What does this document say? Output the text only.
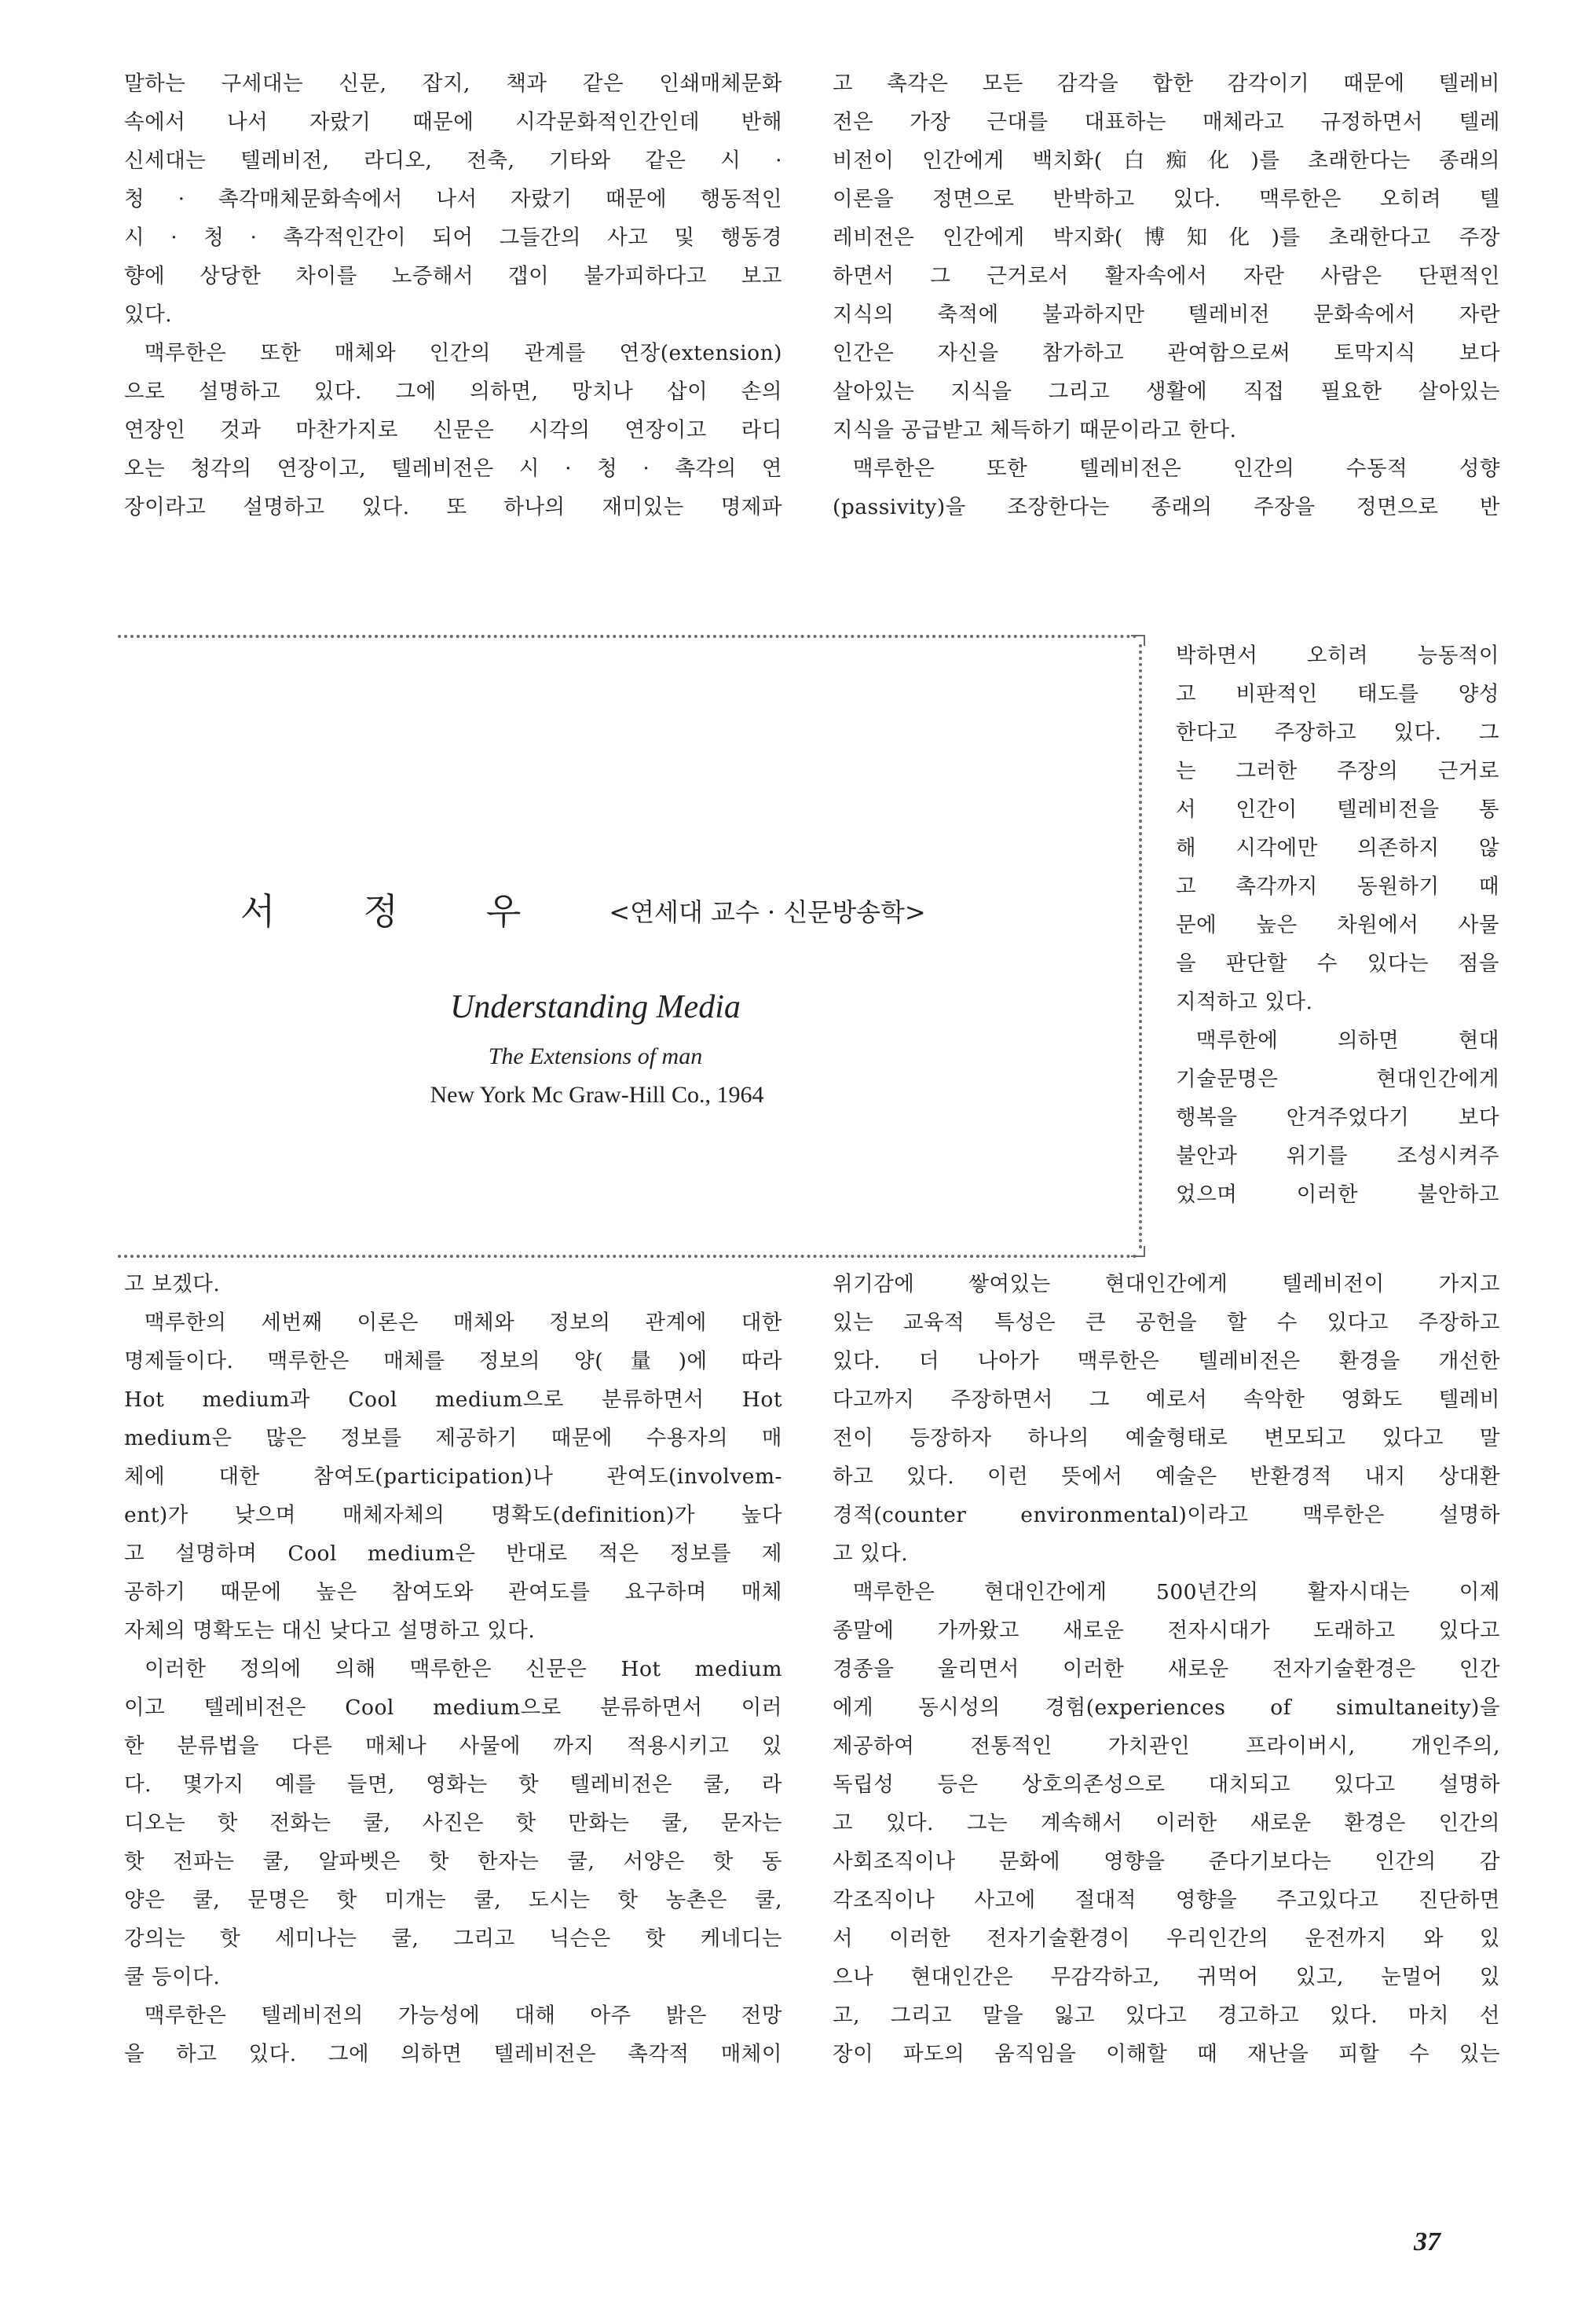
말하는 구세대는 신문, 잡지, 책과 같은 인쇄매체문화

속에서 나서 자랐기 때문에 시각문화적인간인데 반해

신세대는 텔레비전, 라디오, 전축, 기타와 같은 시 ·

청 · 촉각매체문화속에서 나서 자랐기 때문에 행동적인

시 · 청 · 촉각적인간이 되어 그들간의 사고 및 행동경

향에 상당한 차이를 노증해서 갭이 불가피하다고 보고

있다.

맥루한은 또한 매체와 인간의 관계를 연장(extension)

으로 설명하고 있다. 그에 의하면, 망치나 삽이 손의

연장인 것과 마찬가지로 신문은 시각의 연장이고 라디

오는 청각의 연장이고, 텔레비전은 시 · 청 · 촉각의 연

장이라고 설명하고 있다. 또 하나의 재미있는 명제파

고 촉각은 모든 감각을 합한 감각이기 때문에 텔레비

전은 가장 근대를 대표하는 매체라고 규정하면서 텔레

비전이 인간에게 백치화(白痴化)를 초래한다는 종래의

이론을 정면으로 반박하고 있다. 맥루한은 오히려 텔

레비전은 인간에게 박지화(博知化)를 초래한다고 주장

하면서 그 근거로서 활자속에서 자란 사람은 단편적인

지식의 축적에 불과하지만 텔레비전 문화속에서 자란

인간은 자신을 참가하고 관여함으로써 토막지식 보다

살아있는 지식을 그리고 생활에 직접 필요한 살아있는

지식을 공급받고 체득하기 때문이라고 한다.

맥루한은 또한 텔레비전은 인간의 수동적 성향

(passivity)을 조장한다는 종래의 주장을 정면으로 반

박하면서 오히려 능동적이

고 비판적인 태도를 양성

한다고 주장하고 있다. 그

는 그러한 주장의 근거로

서 인간이 텔레비전을 통

해 시각에만 의존하지 않

고 촉각까지 동원하기 때

문에 높은 차원에서 사물

을 판단할 수 있다는 점을

지적하고 있다.

맥루한에 의하면 현대

기술문명은 현대인간에게

행복을 안겨주었다기 보다

불안과 위기를 조성시켜주

었으며 이러한 불안하고

서 정 우	<연세대 교수 · 신문방송학>
Understanding Media
The Extensions of man
New York Mc Graw-Hill Co., 1964

고 보겠다.

맥루한의 세번째 이론은 매체와 정보의 관계에 대한

명제들이다. 맥루한은 매체를 정보의 양(量)에 따라

Hot medium과 Cool medium으로 분류하면서 Hot

medium은 많은 정보를 제공하기 때문에 수용자의 매

체에 대한 참여도(participation)나 관여도(involvem-

ent)가 낮으며 매체자체의 명확도(definition)가 높다

고 설명하며 Cool medium은 반대로 적은 정보를 제

공하기 때문에 높은 참여도와 관여도를 요구하며 매체

자체의 명확도는 대신 낮다고 설명하고 있다.

이러한 정의에 의해 맥루한은 신문은 Hot medium

이고 텔레비전은 Cool medium으로 분류하면서 이러

한 분류법을 다른 매체나 사물에 까지 적용시키고 있

다. 몇가지 예를 들면, 영화는 핫 텔레비전은 쿨, 라

디오는 핫 전화는 쿨, 사진은 핫 만화는 쿨, 문자는

핫 전파는 쿨, 알파벳은 핫 한자는 쿨, 서양은 핫 동

양은 쿨, 문명은 핫 미개는 쿨, 도시는 핫 농촌은 쿨,

강의는 핫 세미나는 쿨, 그리고 닉슨은 핫 케네디는

쿨 등이다.

맥루한은 텔레비전의 가능성에 대해 아주 밝은 전망

을 하고 있다. 그에 의하면 텔레비전은 촉각적 매체이

위기감에 쌓여있는 현대인간에게 텔레비전이 가지고

있는 교육적 특성은 큰 공헌을 할 수 있다고 주장하고

있다. 더 나아가 맥루한은 텔레비전은 환경을 개선한

다고까지 주장하면서 그 예로서 속악한 영화도 텔레비

전이 등장하자 하나의 예술형태로 변모되고 있다고 말

하고 있다. 이런 뜻에서 예술은 반환경적 내지 상대환

경적(counter environmental)이라고 맥루한은 설명하

고 있다.

맥루한은 현대인간에게 500년간의 활자시대는 이제

종말에 가까왔고 새로운 전자시대가 도래하고 있다고

경종을 울리면서 이러한 새로운 전자기술환경은 인간

에게 동시성의 경험(experiences of simultaneity)을

제공하여 전통적인 가치관인 프라이버시, 개인주의,

독립성 등은 상호의존성으로 대치되고 있다고 설명하

고 있다. 그는 계속해서 이러한 새로운 환경은 인간의

사회조직이나 문화에 영향을 준다기보다는 인간의 감

각조직이나 사고에 절대적 영향을 주고있다고 진단하면

서 이러한 전자기술환경이 우리인간의 운전까지 와 있

으나 현대인간은 무감각하고, 귀먹어 있고, 눈멀어 있

고, 그리고 말을 잃고 있다고 경고하고 있다. 마치 선

장이 파도의 움직임을 이해할 때 재난을 피할 수 있는

37
